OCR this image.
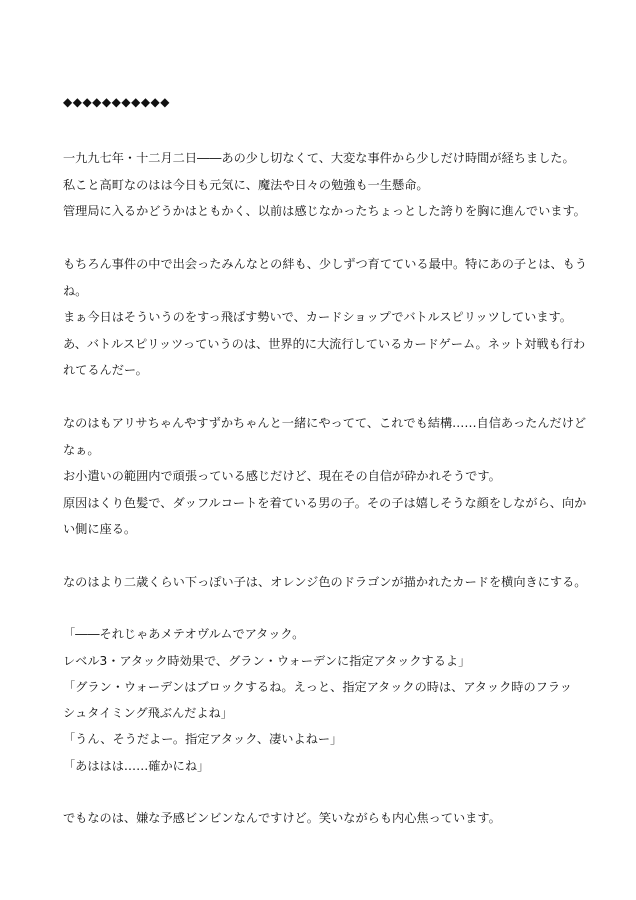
◆◆◆◆◆◆◆◆◆◆◆
一九九七年・十二月二日――あの少し切なくて、大変な事件から少しだけ時間が経ちました。
私こと高町なのはは今日も元気に、魔法や日々の勉強も一生懸命。
管理局に入るかどうかはともかく、以前は感じなかったちょっとした誇りを胸に進んでいます。
もちろん事件の中で出会ったみんなとの絆も、少しずつ育てている最中。特にあの子とは、もう
ね。
まぁ今日はそういうのをすっ飛ばす勢いで、カードショップでバトルスピリッツしています。
あ、バトルスピリッツっていうのは、世界的に大流行しているカードゲーム。ネット対戦も行わ
れてるんだー。
なのはもアリサちゃんやすずかちゃんと一緒にやってて、これでも結構……自信あったんだけど
なぁ。
お小遣いの範囲内で頑張っている感じだけど、現在その自信が砕かれそうです。
原因はくり色髪で、ダッフルコートを着ている男の子。その子は嬉しそうな顔をしながら、向か
い側に座る。
なのはより二歳くらい下っぽい子は、オレンジ色のドラゴンが描かれたカードを横向きにする。
「――それじゃあメテオヴルムでアタック。
レベル3・アタック時効果で、グラン・ウォーデンに指定アタックするよ」
「グラン・ウォーデンはブロックするね。えっと、指定アタックの時は、アタック時のフラッ
シュタイミング飛ぶんだよね」
「うん、そうだよー。指定アタック、凄いよねー」
「あははは……確かにね」
でもなのは、嫌な予感ビンビンなんですけど。笑いながらも内心焦っています。
